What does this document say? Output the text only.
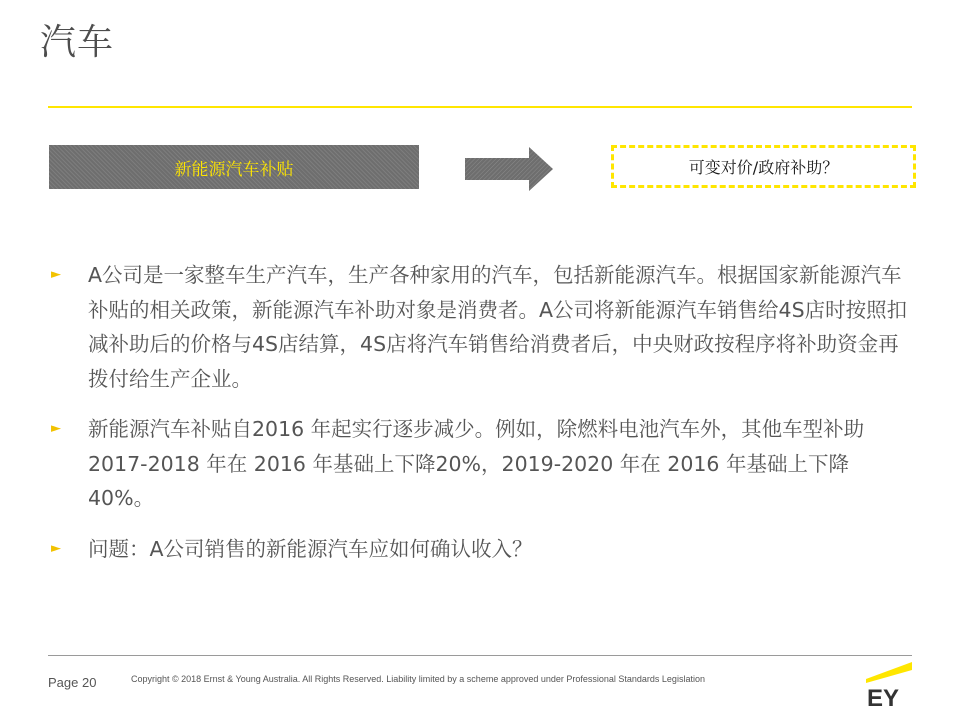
汽车
新能源汽车补贴	可变对价/政府补助？
► A公司是一家整车生产汽车，生产各种家用的汽车，包括新能源汽车。根据国家新能源汽车补贴的相关政策，新能源汽车补助对象是消费者。A公司将新能源汽车销售给4S店时按照扣减补助后的价格与4S店结算，4S店将汽车销售给消费者后，中央财政按程序将补助资金再拨付给生产企业。
► 新能源汽车补贴自2016 年起实行逐步减少。例如，除燃料电池汽车外，其他车型补助2017-2018 年在 2016 年基础上下降20%，2019-2020 年在 2016 年基础上下降 40%。
► 问题：A公司销售的新能源汽车应如何确认收入？
Page 20	Copyright © 2018 Ernst & Young Australia. All Rights Reserved. Liability limited by a scheme approved under Professional Standards Legislation
EY
